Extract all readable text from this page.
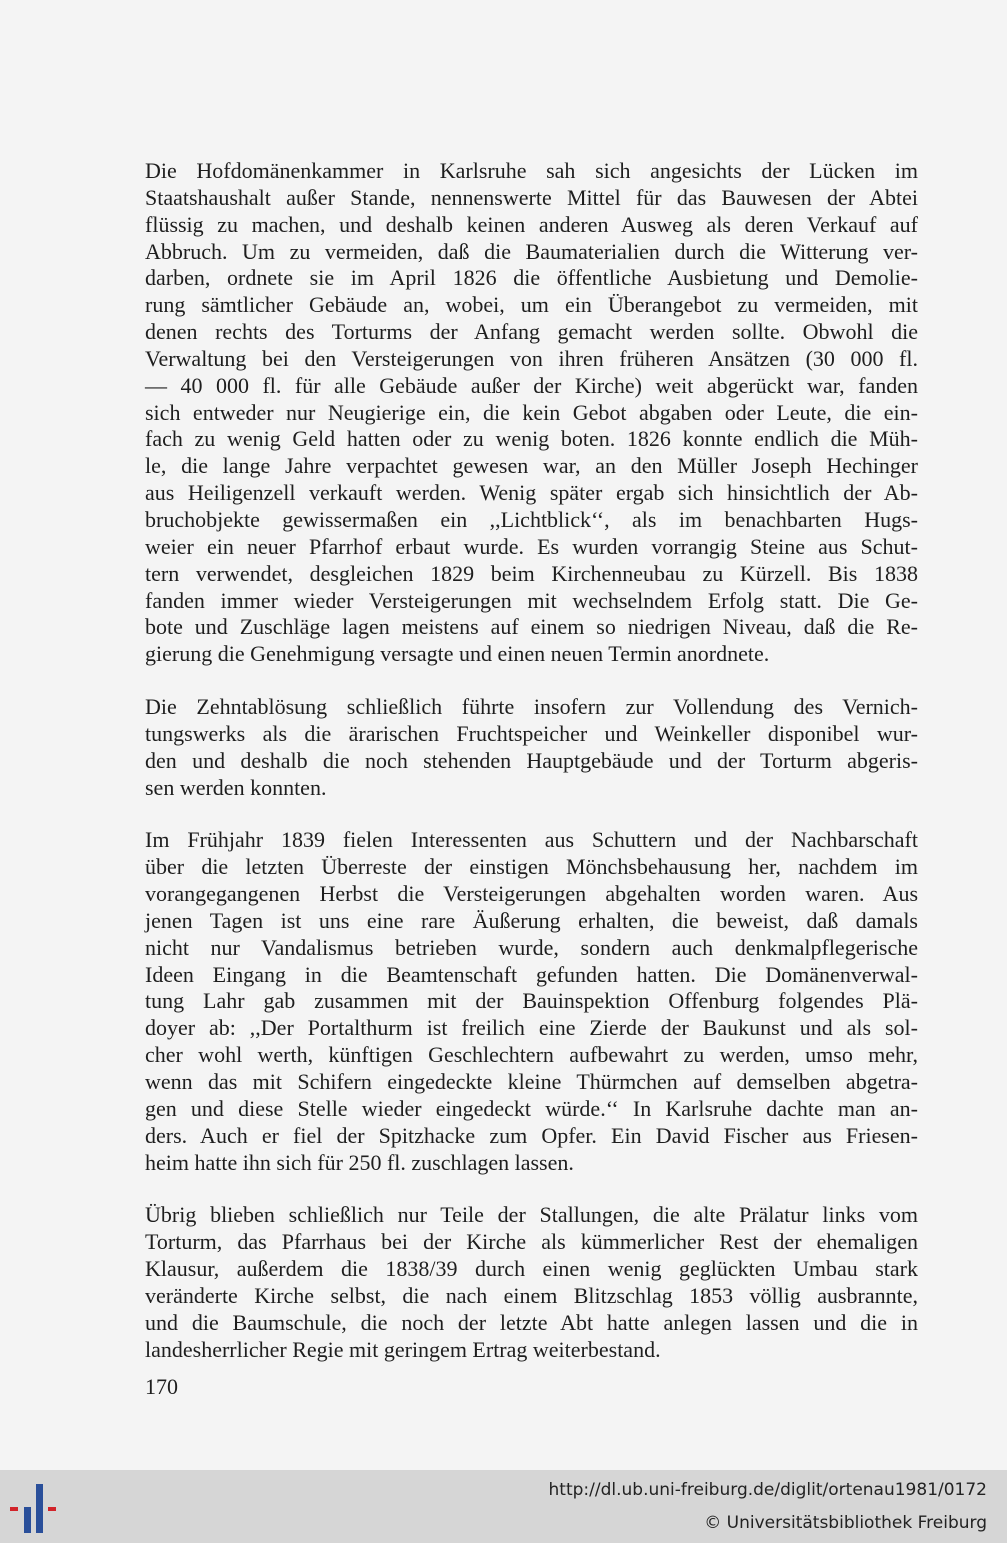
Die Hofdomänenkammer in Karlsruhe sah sich angesichts der Lücken im
Staatshaushalt außer Stande, nennenswerte Mittel für das Bauwesen der Abtei
flüssig zu machen, und deshalb keinen anderen Ausweg als deren Verkauf auf
Abbruch. Um zu vermeiden, daß die Baumaterialien durch die Witterung ver-
darben, ordnete sie im April 1826 die öffentliche Ausbietung und Demolie-
rung sämtlicher Gebäude an, wobei, um ein Überangebot zu vermeiden, mit
denen rechts des Torturms der Anfang gemacht werden sollte. Obwohl die
Verwaltung bei den Versteigerungen von ihren früheren Ansätzen (30 000 fl.
— 40 000 fl. für alle Gebäude außer der Kirche) weit abgerückt war, fanden
sich entweder nur Neugierige ein, die kein Gebot abgaben oder Leute, die ein-
fach zu wenig Geld hatten oder zu wenig boten. 1826 konnte endlich die Müh-
le, die lange Jahre verpachtet gewesen war, an den Müller Joseph Hechinger
aus Heiligenzell verkauft werden. Wenig später ergab sich hinsichtlich der Ab-
bruchobjekte gewissermaßen ein ,,Lichtblick‘‘, als im benachbarten Hugs-
weier ein neuer Pfarrhof erbaut wurde. Es wurden vorrangig Steine aus Schut-
tern verwendet, desgleichen 1829 beim Kirchenneubau zu Kürzell. Bis 1838
fanden immer wieder Versteigerungen mit wechselndem Erfolg statt. Die Ge-
bote und Zuschläge lagen meistens auf einem so niedrigen Niveau, daß die Re-
gierung die Genehmigung versagte und einen neuen Termin anordnete.
Die Zehntablösung schließlich führte insofern zur Vollendung des Vernich-
tungswerks als die ärarischen Fruchtspeicher und Weinkeller disponibel wur-
den und deshalb die noch stehenden Hauptgebäude und der Torturm abgeris-
sen werden konnten.
Im Frühjahr 1839 fielen Interessenten aus Schuttern und der Nachbarschaft
über die letzten Überreste der einstigen Mönchsbehausung her, nachdem im
vorangegangenen Herbst die Versteigerungen abgehalten worden waren. Aus
jenen Tagen ist uns eine rare Äußerung erhalten, die beweist, daß damals
nicht nur Vandalismus betrieben wurde, sondern auch denkmalpflegerische
Ideen Eingang in die Beamtenschaft gefunden hatten. Die Domänenverwal-
tung Lahr gab zusammen mit der Bauinspektion Offenburg folgendes Plä-
doyer ab: ,,Der Portalthurm ist freilich eine Zierde der Baukunst und als sol-
cher wohl werth, künftigen Geschlechtern aufbewahrt zu werden, umso mehr,
wenn das mit Schifern eingedeckte kleine Thürmchen auf demselben abgetra-
gen und diese Stelle wieder eingedeckt würde.‘‘ In Karlsruhe dachte man an-
ders. Auch er fiel der Spitzhacke zum Opfer. Ein David Fischer aus Friesen-
heim hatte ihn sich für 250 fl. zuschlagen lassen.
Übrig blieben schließlich nur Teile der Stallungen, die alte Prälatur links vom
Torturm, das Pfarrhaus bei der Kirche als kümmerlicher Rest der ehemaligen
Klausur, außerdem die 1838/39 durch einen wenig geglückten Umbau stark
veränderte Kirche selbst, die nach einem Blitzschlag 1853 völlig ausbrannte,
und die Baumschule, die noch der letzte Abt hatte anlegen lassen und die in
landesherrlicher Regie mit geringem Ertrag weiterbestand.
170
http://dl.ub.uni-freiburg.de/diglit/ortenau1981/0172
© Universitätsbibliothek Freiburg
